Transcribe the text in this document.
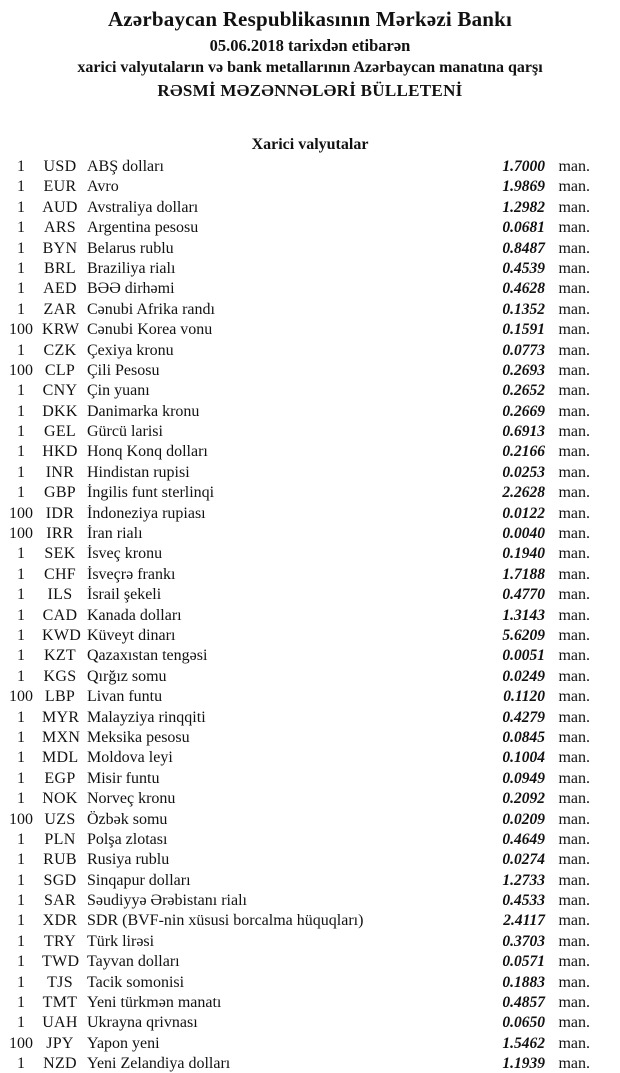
Azərbaycan Respublikasının Mərkəzi Bankı
05.06.2018 tarixdən etibarən
xarici valyutaların və bank metallarının Azərbaycan manatına qarşı
RƏSMİ MƏZƏNNƏLƏRİ BÜLLETENİ
Xarici valyutalar
1	USD ABŞ dolları	1.7000 man.
1	EUR Avro	1.9869 man.
1	AUD Avstraliya dolları	1.2982 man.
1	ARS Argentina pesosu	0.0681 man.
1	BYN Belarus rublu	0.8487 man.
1	BRL Braziliya rialı	0.4539 man.
1	AED BƏƏ dirhəmi	0.4628 man.
1	ZAR Cənubi Afrika randı	0.1352 man.
100 KRW Cənubi Korea vonu	0.1591 man.
1	CZK Çexiya kronu	0.0773 man.
100 CLP Çili Pesosu	0.2693 man.
1	CNY Çin yuanı	0.2652 man.
1	DKK Danimarka kronu	0.2669 man.
1	GEL Gürcü larisi	0.6913 man.
1	HKD Honq Konq dolları	0.2166 man.
1	INR Hindistan rupisi	0.0253 man.
1	GBP İngilis funt sterlinqi	2.2628 man.
100 IDR İndoneziya rupiası	0.0122 man.
100 IRR İran rialı	0.0040 man.
1	SEK İsveç kronu	0.1940 man.
1	CHF İsveçrə frankı	1.7188 man.
1	ILS İsrail şekeli	0.4770 man.
1	CAD Kanada dolları	1.3143 man.
1	KWD Küveyt dinarı	5.6209 man.
1	KZT Qazaxıstan tengəsi	0.0051 man.
1	KGS Qırğız somu	0.0249 man.
100 LBP Livan funtu	0.1120 man.
1	MYR Malayziya rinqqiti	0.4279 man.
1	MXN Meksika pesosu	0.0845 man.
1	MDL Moldova leyi	0.1004 man.
1	EGP Misir funtu	0.0949 man.
1	NOK Norveç kronu	0.2092 man.
100 UZS Özbək somu	0.0209 man.
1	PLN Polşa zlotası	0.4649 man.
1	RUB Rusiya rublu	0.0274 man.
1	SGD Sinqapur dolları	1.2733 man.
1	SAR Səudiyyə Ərəbistanı rialı	0.4533 man.
1	XDR SDR (BVF-nin xüsusi borcalma hüquqları)	2.4117 man.
1	TRY Türk lirəsi	0.3703 man.
1	TWD Tayvan dolları	0.0571 man.
1	TJS Tacik somonisi	0.1883 man.
1	TMT Yeni türkmən manatı	0.4857 man.
1	UAH Ukrayna qrivnası	0.0650 man.
100 JPY Yapon yeni	1.5462 man.
1	NZD Yeni Zelandiya dolları	1.1939 man.
